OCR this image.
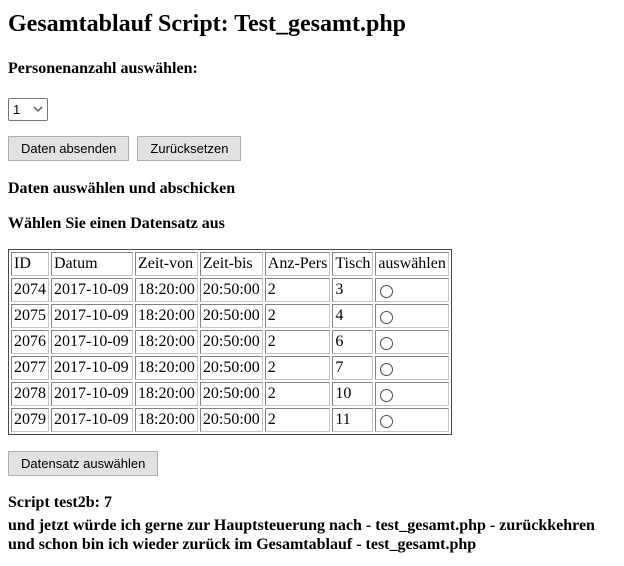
Gesamtablauf Script: Test_gesamt.php
Personenanzahl auswählen:
1
Daten absenden	Zurücksetzen
Daten auswählen und abschicken
Wählen Sie einen Datensatz aus
ID	Datum	Zeit-von	Zeit-bis	Anz-Pers	Tisch	auswählen
2074	2017-10-09	18:20:00	20:50:00	2	3	
2075	2017-10-09	18:20:00	20:50:00	2	4	
2076	2017-10-09	18:20:00	20:50:00	2	6	
2077	2017-10-09	18:20:00	20:50:00	2	7	
2078	2017-10-09	18:20:00	20:50:00	2	10	
2079	2017-10-09	18:20:00	20:50:00	2	11	
Datensatz auswählen
Script test2b: 7
und jetzt würde ich gerne zur Hauptsteuerung nach - test_gesamt.php - zurückkehren
und schon bin ich wieder zurück im Gesamtablauf - test_gesamt.php
